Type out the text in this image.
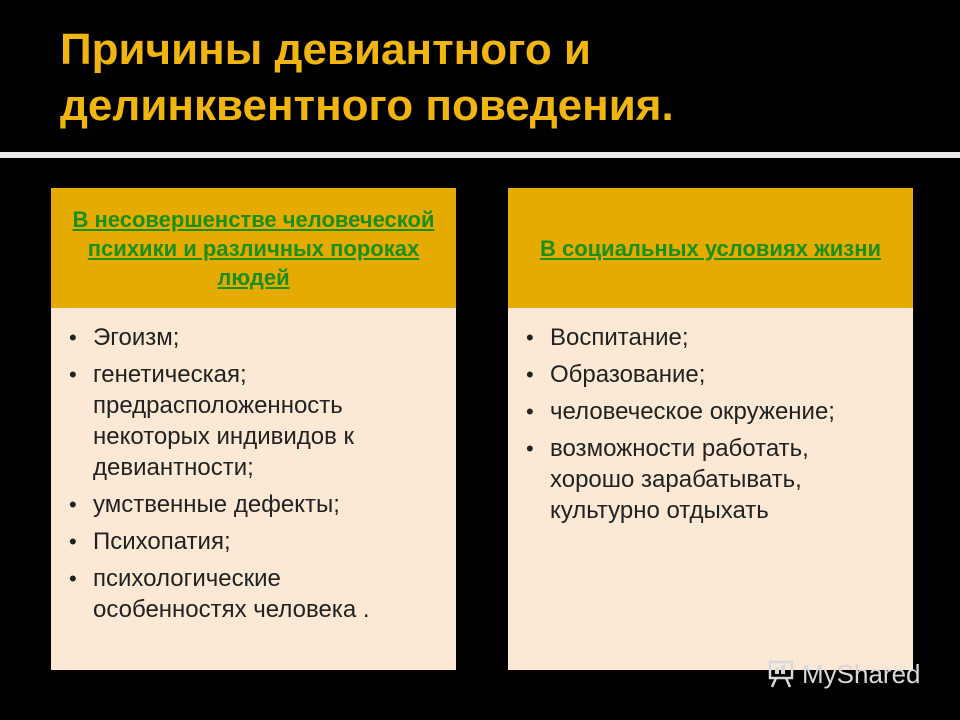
Причины девиантного и
делинквентного поведения.
В несовершенстве человеческой психики и различных пороках людей
• Эгоизм;
• генетическая; предрасположенность некоторых индивидов к девиантности;
• умственные дефекты;
• Психопатия;
• психологические особенностях человека .
В социальных условиях жизни
• Воспитание;
• Образование;
• человеческое окружение;
• возможности работать, хорошо зарабатывать, культурно отдыхать
MyShared
